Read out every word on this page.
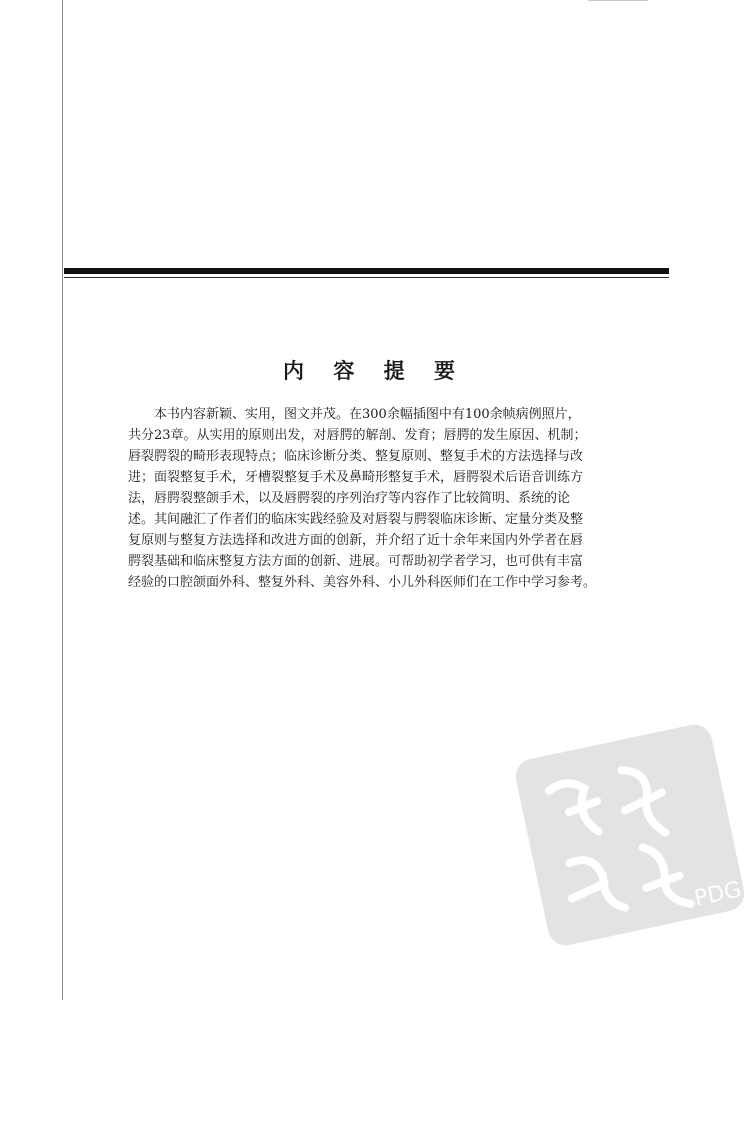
内 容 提 要

本书内容新颖、实用，图文并茂。在300余幅插图中有100余帧病例照片，
共分23章。从实用的原则出发，对唇腭的解剖、发育；唇腭的发生原因、机制；
唇裂腭裂的畸形表现特点；临床诊断分类、整复原则、整复手术的方法选择与改
进；面裂整复手术，牙槽裂整复手术及鼻畸形整复手术，唇腭裂术后语音训练方
法，唇腭裂整颌手术，以及唇腭裂的序列治疗等内容作了比较简明、系统的论
述。其间融汇了作者们的临床实践经验及对唇裂与腭裂临床诊断、定量分类及整
复原则与整复方法选择和改进方面的创新，并介绍了近十余年来国内外学者在唇
腭裂基础和临床整复方法方面的创新、进展。可帮助初学者学习，也可供有丰富
经验的口腔颌面外科、整复外科、美容外科、小儿外科医师们在工作中学习参考。

PDG
